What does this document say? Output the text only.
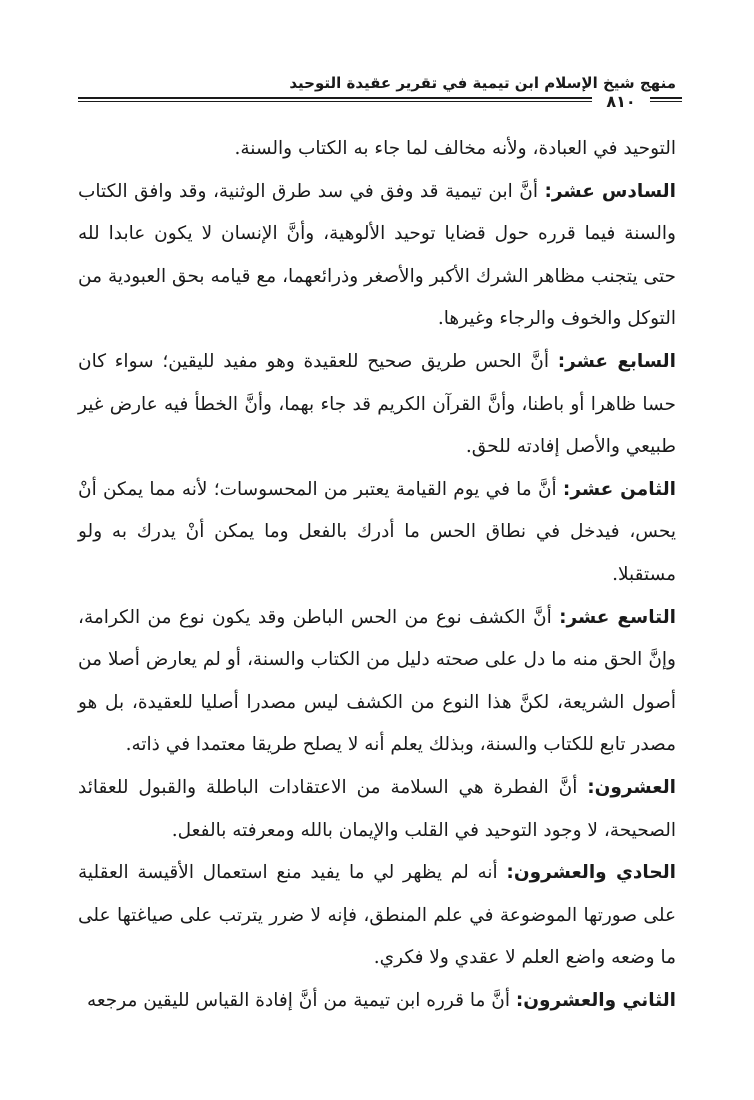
منهج شيخ الإسلام ابن تيمية في تقرير عقيدة التوحيد
٨١٠

التوحيد في العبادة، ولأنه مخالف لما جاء به الكتاب والسنة.

السادس عشر: أنَّ ابن تيمية قد وفق في سد طرق الوثنية، وقد وافق الكتاب والسنة فيما قرره حول قضايا توحيد الألوهية، وأنَّ الإنسان لا يكون عابدا لله حتى يتجنب مظاهر الشرك الأكبر والأصغر وذرائعهما، مع قيامه بحق العبودية من التوكل والخوف والرجاء وغيرها.

السابع عشر: أنَّ الحس طريق صحيح للعقيدة وهو مفيد لليقين؛ سواء كان حسا ظاهرا أو باطنا، وأنَّ القرآن الكريم قد جاء بهما، وأنَّ الخطأ فيه عارض غير طبيعي والأصل إفادته للحق.

الثامن عشر: أنَّ ما في يوم القيامة يعتبر من المحسوسات؛ لأنه مما يمكن أنْ يحس، فيدخل في نطاق الحس ما أدرك بالفعل وما يمكن أنْ يدرك به ولو مستقبلا.

التاسع عشر: أنَّ الكشف نوع من الحس الباطن وقد يكون نوع من الكرامة، وإنَّ الحق منه ما دل على صحته دليل من الكتاب والسنة، أو لم يعارض أصلا من أصول الشريعة، لكنَّ هذا النوع من الكشف ليس مصدرا أصليا للعقيدة، بل هو مصدر تابع للكتاب والسنة، وبذلك يعلم أنه لا يصلح طريقا معتمدا في ذاته.

العشرون: أنَّ الفطرة هي السلامة من الاعتقادات الباطلة والقبول للعقائد الصحيحة، لا وجود التوحيد في القلب والإيمان بالله ومعرفته بالفعل.

الحادي والعشرون: أنه لم يظهر لي ما يفيد منع استعمال الأقيسة العقلية على صورتها الموضوعة في علم المنطق، فإنه لا ضرر يترتب على صياغتها على ما وضعه واضع العلم لا عقدي ولا فكري.

الثاني والعشرون: أنَّ ما قرره ابن تيمية من أنَّ إفادة القياس لليقين مرجعه
